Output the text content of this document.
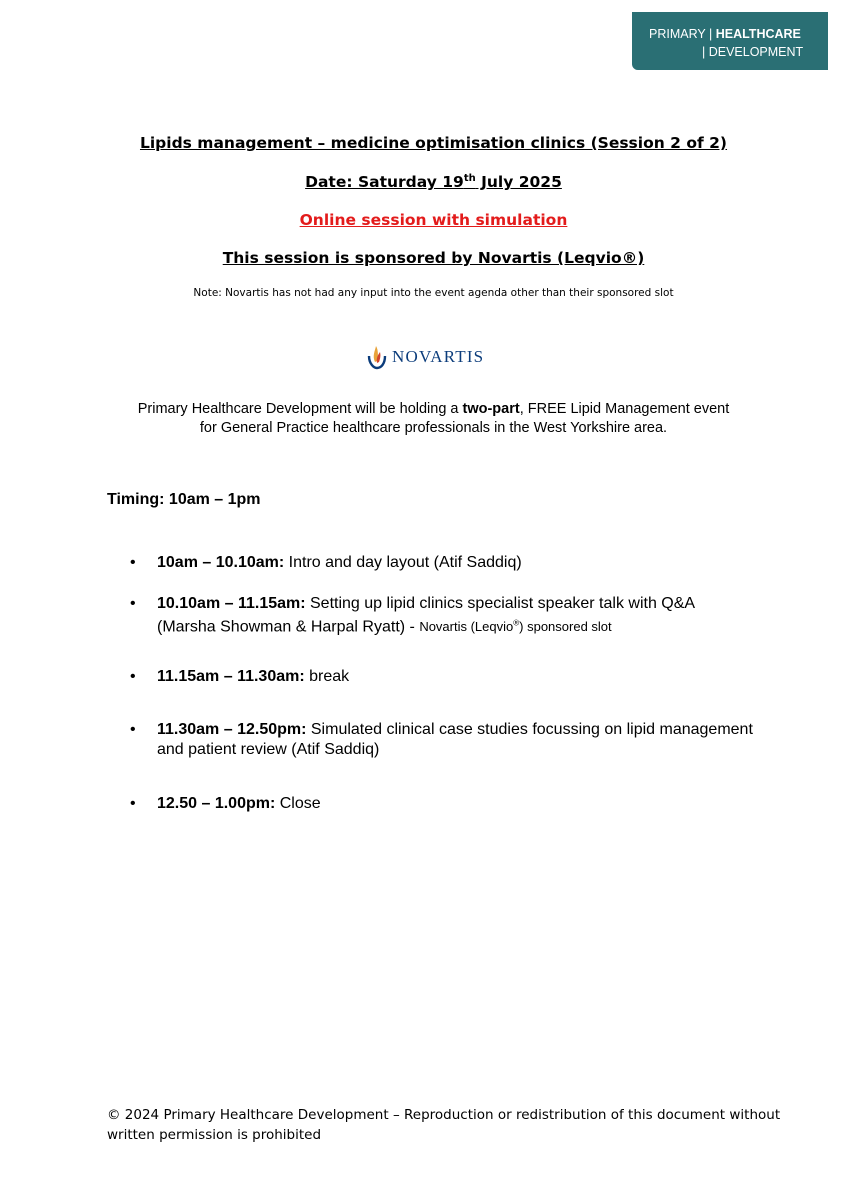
PRIMARY | HEALTHCARE
| DEVELOPMENT
Lipids management – medicine optimisation clinics (Session 2 of 2)
Date: Saturday 19th July 2025
Online session with simulation
This session is sponsored by Novartis (Leqvio®)
Note: Novartis has not had any input into the event agenda other than their sponsored slot
NOVARTIS
Primary Healthcare Development will be holding a two-part, FREE Lipid Management event
for General Practice healthcare professionals in the West Yorkshire area.
Timing: 10am – 1pm
• 10am – 10.10am: Intro and day layout (Atif Saddiq)
• 10.10am – 11.15am: Setting up lipid clinics specialist speaker talk with Q&A (Marsha Showman & Harpal Ryatt) - Novartis (Leqvio®) sponsored slot
• 11.15am – 11.30am: break
• 11.30am – 12.50pm: Simulated clinical case studies focussing on lipid management and patient review (Atif Saddiq)
• 12.50 – 1.00pm: Close
© 2024 Primary Healthcare Development – Reproduction or redistribution of this document without written permission is prohibited
